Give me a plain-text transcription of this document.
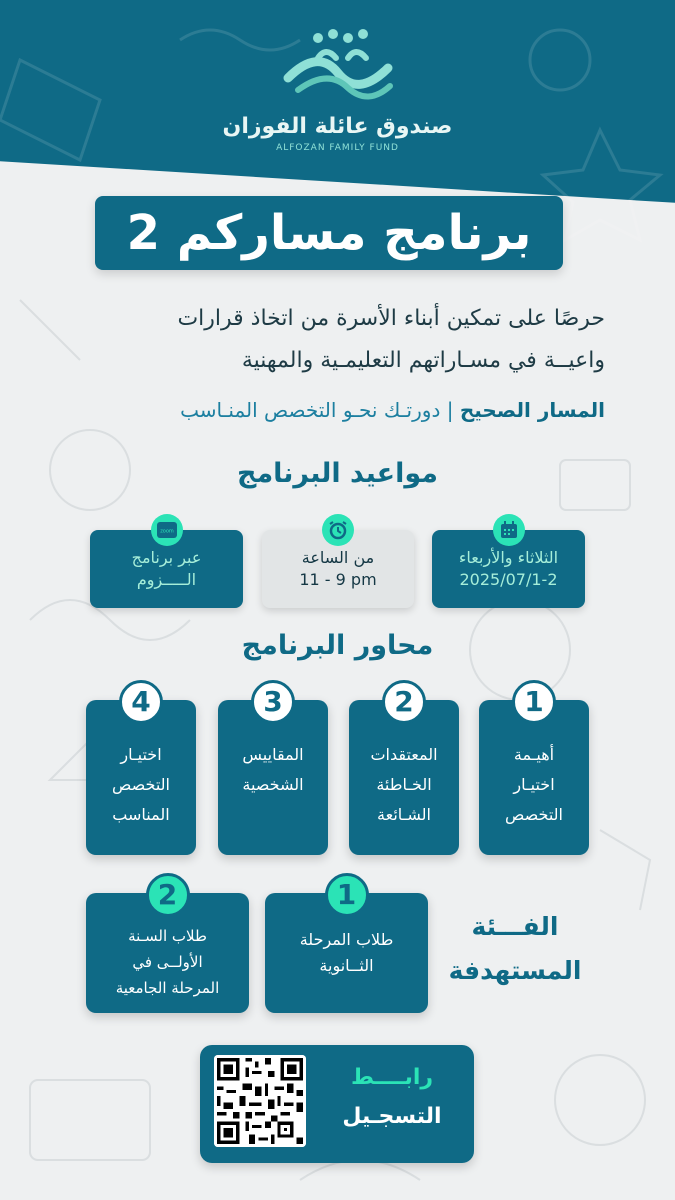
صندوق عائلة الفوزان
ALFOZAN FAMILY FUND
برنامج مساركم 2
حرصًا على تمكين أبناء الأسرة من اتخاذ قرارات
واعيــة في مسـاراتهم التعليمـية والمهنية
المسار الصحيح | دورتـك نحـو التخصص المنـاسب
مواعيد البرنامج
الثلاثاء والأربعاء
2025/07/1-2
من الساعة
11 - 9 pm
zoom
عبر برنامج
الـــــزوم
محاور البرنامج
1
أهيـمة
اختيـار
التخصص
2
المعتقدات
الخـاطئة
الشـائعة
3
المقاييس
الشخصية
4
اختيـار
التخصص
المناسب
الفـــئة
المستهدفة
1
طلاب المرحلة
الثــانوية
2
طلاب السـنة
الأولــى في
المرحلة الجامعية
رابــــط
التسجـيل
